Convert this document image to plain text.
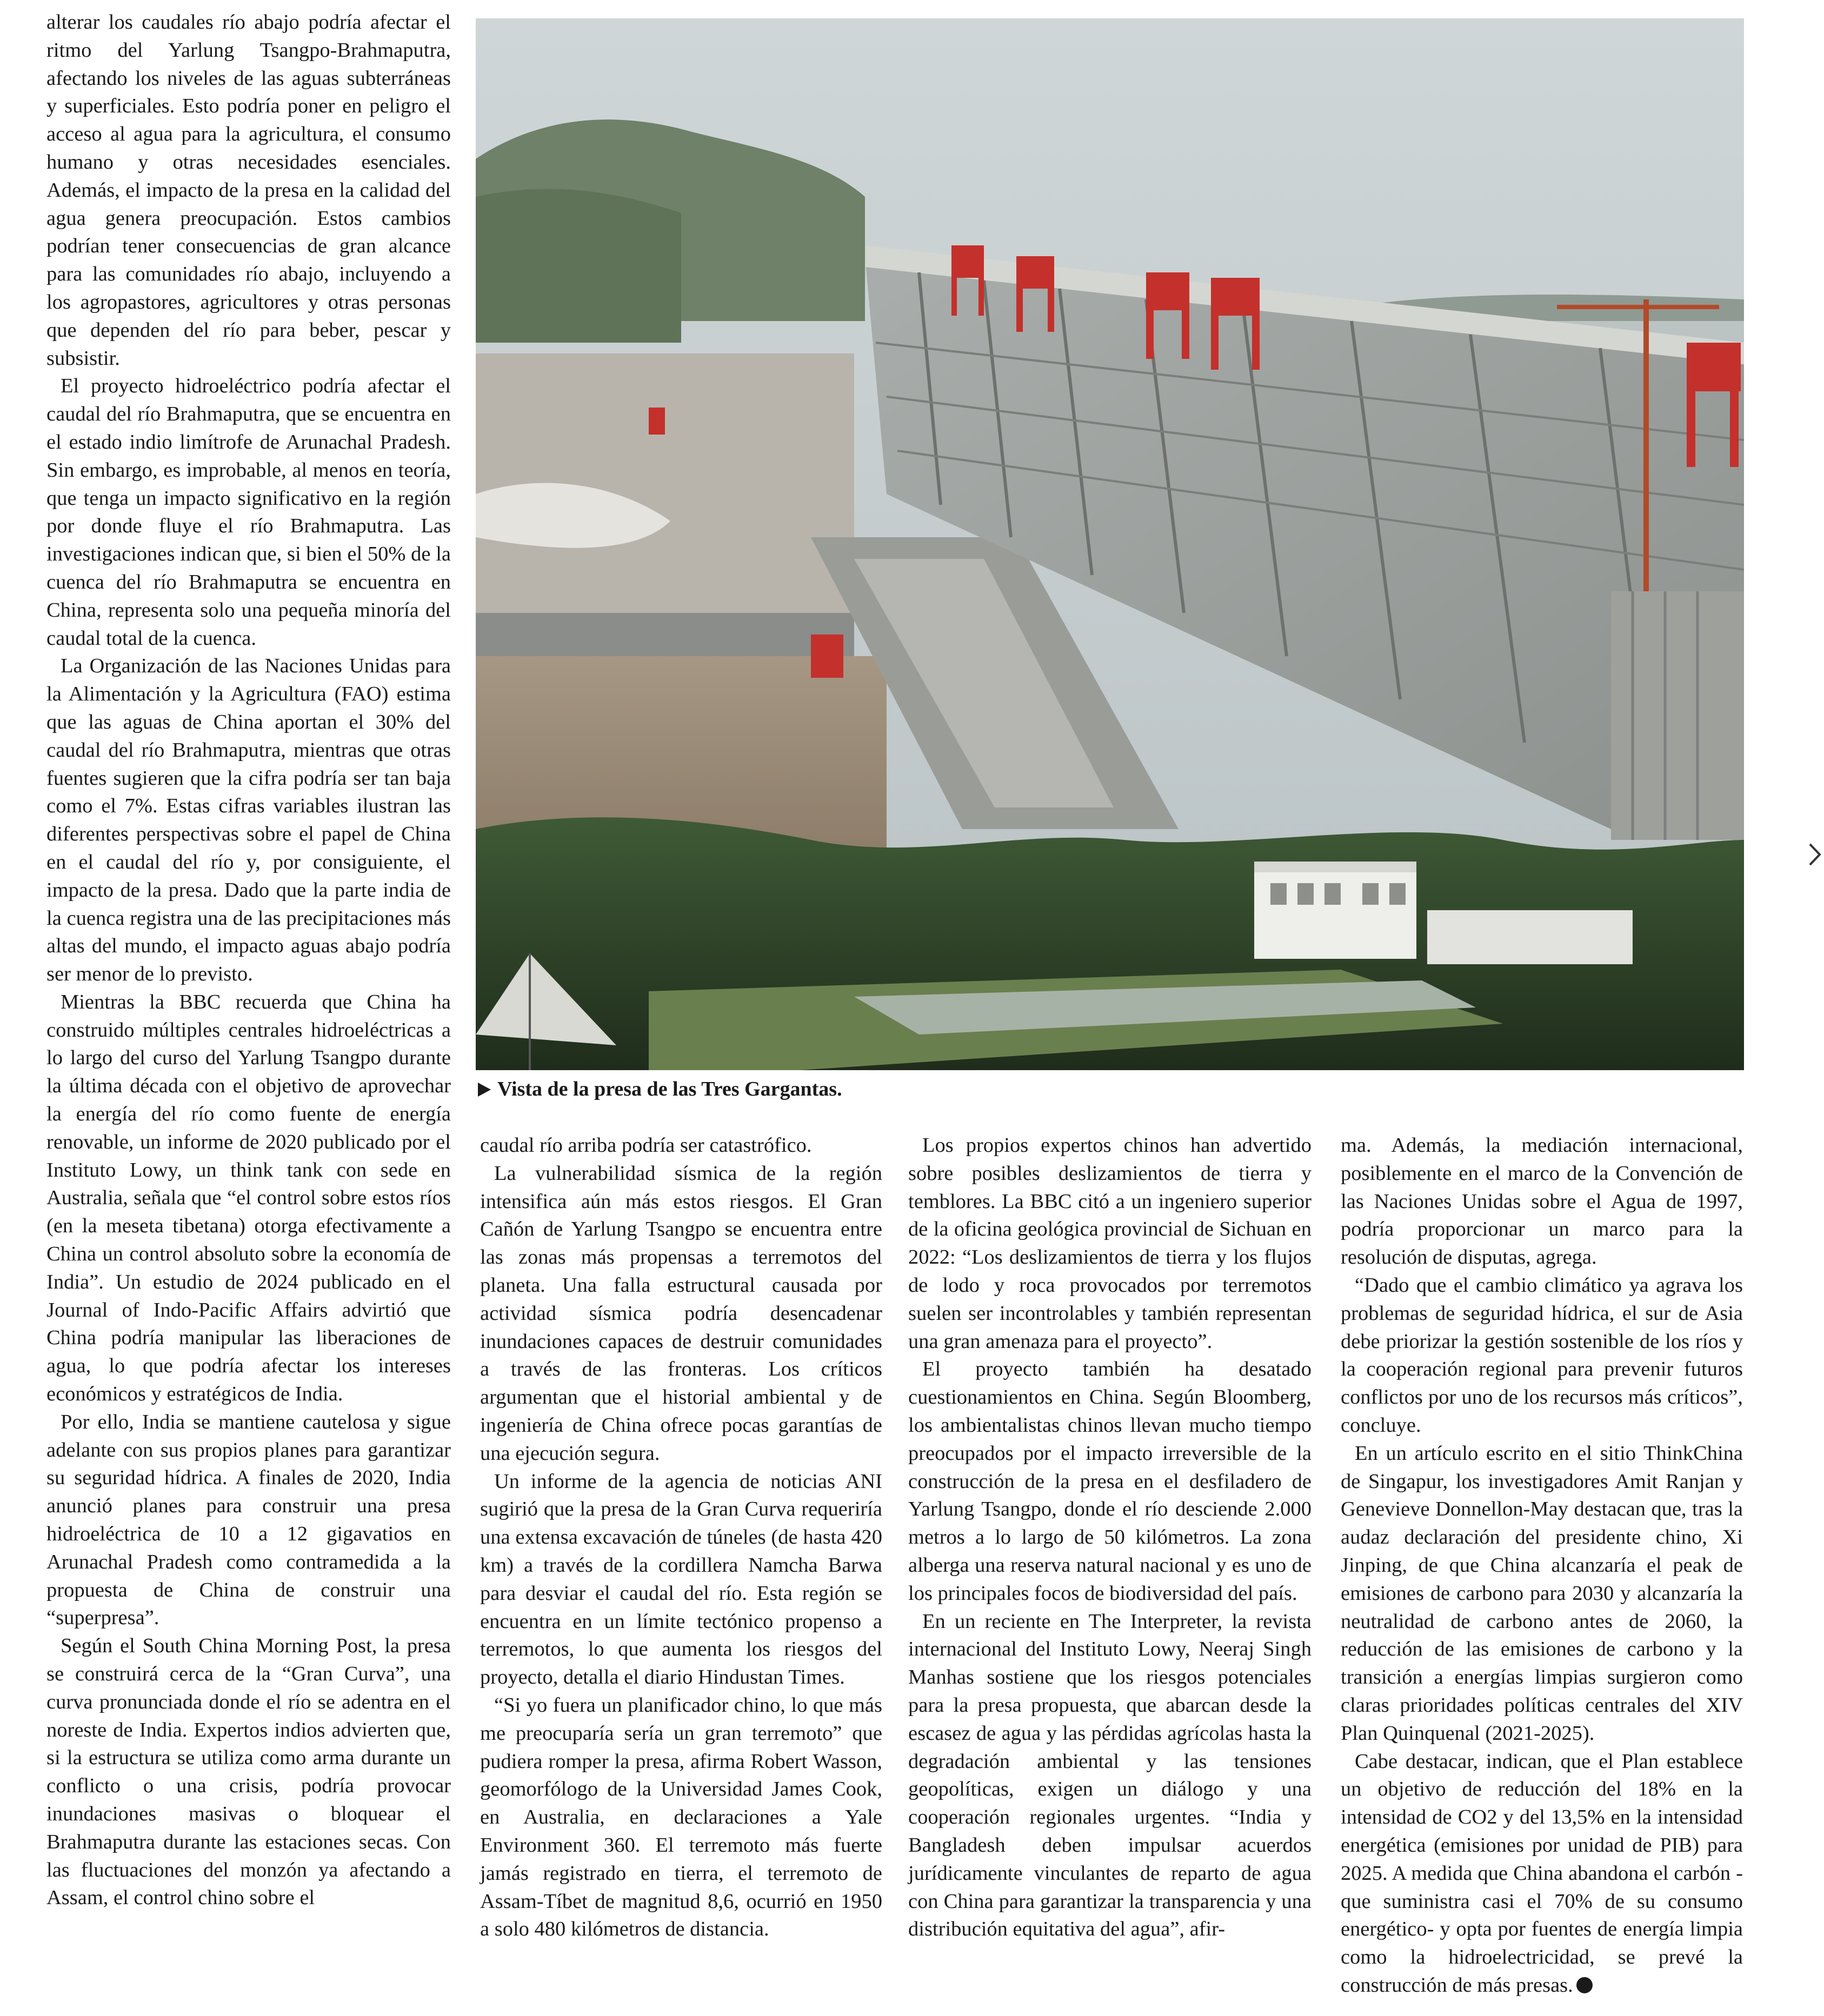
alterar los caudales río abajo podría afectar el ritmo del Yarlung Tsangpo-Brahmaputra, afectando los niveles de las aguas subterráneas y superficiales. Esto podría poner en peligro el acceso al agua para la agricultura, el consumo humano y otras necesidades esenciales. Además, el impacto de la presa en la calidad del agua genera preocupación. Estos cambios podrían tener consecuencias de gran alcance para las comunidades río abajo, incluyendo a los agropastores, agricultores y otras personas que dependen del río para beber, pescar y subsistir.

El proyecto hidroeléctrico podría afectar el caudal del río Brahmaputra, que se encuentra en el estado indio limítrofe de Arunachal Pradesh. Sin embargo, es improbable, al menos en teoría, que tenga un impacto significativo en la región por donde fluye el río Brahmaputra. Las investigaciones indican que, si bien el 50% de la cuenca del río Brahmaputra se encuentra en China, representa solo una pequeña minoría del caudal total de la cuenca.

La Organización de las Naciones Unidas para la Alimentación y la Agricultura (FAO) estima que las aguas de China aportan el 30% del caudal del río Brahmaputra, mientras que otras fuentes sugieren que la cifra podría ser tan baja como el 7%. Estas cifras variables ilustran las diferentes perspectivas sobre el papel de China en el caudal del río y, por consiguiente, el impacto de la presa. Dado que la parte india de la cuenca registra una de las precipitaciones más altas del mundo, el impacto aguas abajo podría ser menor de lo previsto.

Mientras la BBC recuerda que China ha construido múltiples centrales hidroeléctricas a lo largo del curso del Yarlung Tsangpo durante la última década con el objetivo de aprovechar la energía del río como fuente de energía renovable, un informe de 2020 publicado por el Instituto Lowy, un think tank con sede en Australia, señala que “el control sobre estos ríos (en la meseta tibetana) otorga efectivamente a China un control absoluto sobre la economía de India”. Un estudio de 2024 publicado en el Journal of Indo-Pacific Affairs advirtió que China podría manipular las liberaciones de agua, lo que podría afectar los intereses económicos y estratégicos de India.

Por ello, India se mantiene cautelosa y sigue adelante con sus propios planes para garantizar su seguridad hídrica. A finales de 2020, India anunció planes para construir una presa hidroeléctrica de 10 a 12 gigavatios en Arunachal Pradesh como contramedida a la propuesta de China de construir una “superpresa”.

Según el South China Morning Post, la presa se construirá cerca de la “Gran Curva”, una curva pronunciada donde el río se adentra en el noreste de India. Expertos indios advierten que, si la estructura se utiliza como arma durante un conflicto o una crisis, podría provocar inundaciones masivas o bloquear el Brahmaputra durante las estaciones secas. Con las fluctuaciones del monzón ya afectando a Assam, el control chino sobre el

Vista de la presa de las Tres Gargantas.

caudal río arriba podría ser catastrófico.

La vulnerabilidad sísmica de la región intensifica aún más estos riesgos. El Gran Cañón de Yarlung Tsangpo se encuentra entre las zonas más propensas a terremotos del planeta. Una falla estructural causada por actividad sísmica podría desencadenar inundaciones capaces de destruir comunidades a través de las fronteras. Los críticos argumentan que el historial ambiental y de ingeniería de China ofrece pocas garantías de una ejecución segura.

Un informe de la agencia de noticias ANI sugirió que la presa de la Gran Curva requeriría una extensa excavación de túneles (de hasta 420 km) a través de la cordillera Namcha Barwa para desviar el caudal del río. Esta región se encuentra en un límite tectónico propenso a terremotos, lo que aumenta los riesgos del proyecto, detalla el diario Hindustan Times.

“Si yo fuera un planificador chino, lo que más me preocuparía sería un gran terremoto” que pudiera romper la presa, afirma Robert Wasson, geomorfólogo de la Universidad James Cook, en Australia, en declaraciones a Yale Environment 360. El terremoto más fuerte jamás registrado en tierra, el terremoto de Assam-Tíbet de magnitud 8,6, ocurrió en 1950 a solo 480 kilómetros de distancia.

Los propios expertos chinos han advertido sobre posibles deslizamientos de tierra y temblores. La BBC citó a un ingeniero superior de la oficina geológica provincial de Sichuan en 2022: “Los deslizamientos de tierra y los flujos de lodo y roca provocados por terremotos suelen ser incontrolables y también representan una gran amenaza para el proyecto”.

El proyecto también ha desatado cuestionamientos en China. Según Bloomberg, los ambientalistas chinos llevan mucho tiempo preocupados por el impacto irreversible de la construcción de la presa en el desfiladero de Yarlung Tsangpo, donde el río desciende 2.000 metros a lo largo de 50 kilómetros. La zona alberga una reserva natural nacional y es uno de los principales focos de biodiversidad del país.

En un reciente en The Interpreter, la revista internacional del Instituto Lowy, Neeraj Singh Manhas sostiene que los riesgos potenciales para la presa propuesta, que abarcan desde la escasez de agua y las pérdidas agrícolas hasta la degradación ambiental y las tensiones geopolíticas, exigen un diálogo y una cooperación regionales urgentes. “India y Bangladesh deben impulsar acuerdos jurídicamente vinculantes de reparto de agua con China para garantizar la transparencia y una distribución equitativa del agua”, afir-

ma. Además, la mediación internacional, posiblemente en el marco de la Convención de las Naciones Unidas sobre el Agua de 1997, podría proporcionar un marco para la resolución de disputas, agrega.

“Dado que el cambio climático ya agrava los problemas de seguridad hídrica, el sur de Asia debe priorizar la gestión sostenible de los ríos y la cooperación regional para prevenir futuros conflictos por uno de los recursos más críticos”, concluye.

En un artículo escrito en el sitio ThinkChina de Singapur, los investigadores Amit Ranjan y Genevieve Donnellon-May destacan que, tras la audaz declaración del presidente chino, Xi Jinping, de que China alcanzaría el peak de emisiones de carbono para 2030 y alcanzaría la neutralidad de carbono antes de 2060, la reducción de las emisiones de carbono y la transición a energías limpias surgieron como claras prioridades políticas centrales del XIV Plan Quinquenal (2021-2025).

Cabe destacar, indican, que el Plan establece un objetivo de reducción del 18% en la intensidad de CO2 y del 13,5% en la intensidad energética (emisiones por unidad de PIB) para 2025. A medida que China abandona el carbón -que suministra casi el 70% de su consumo energético- y opta por fuentes de energía limpia como la hidroelectricidad, se prevé la construcción de más presas.
